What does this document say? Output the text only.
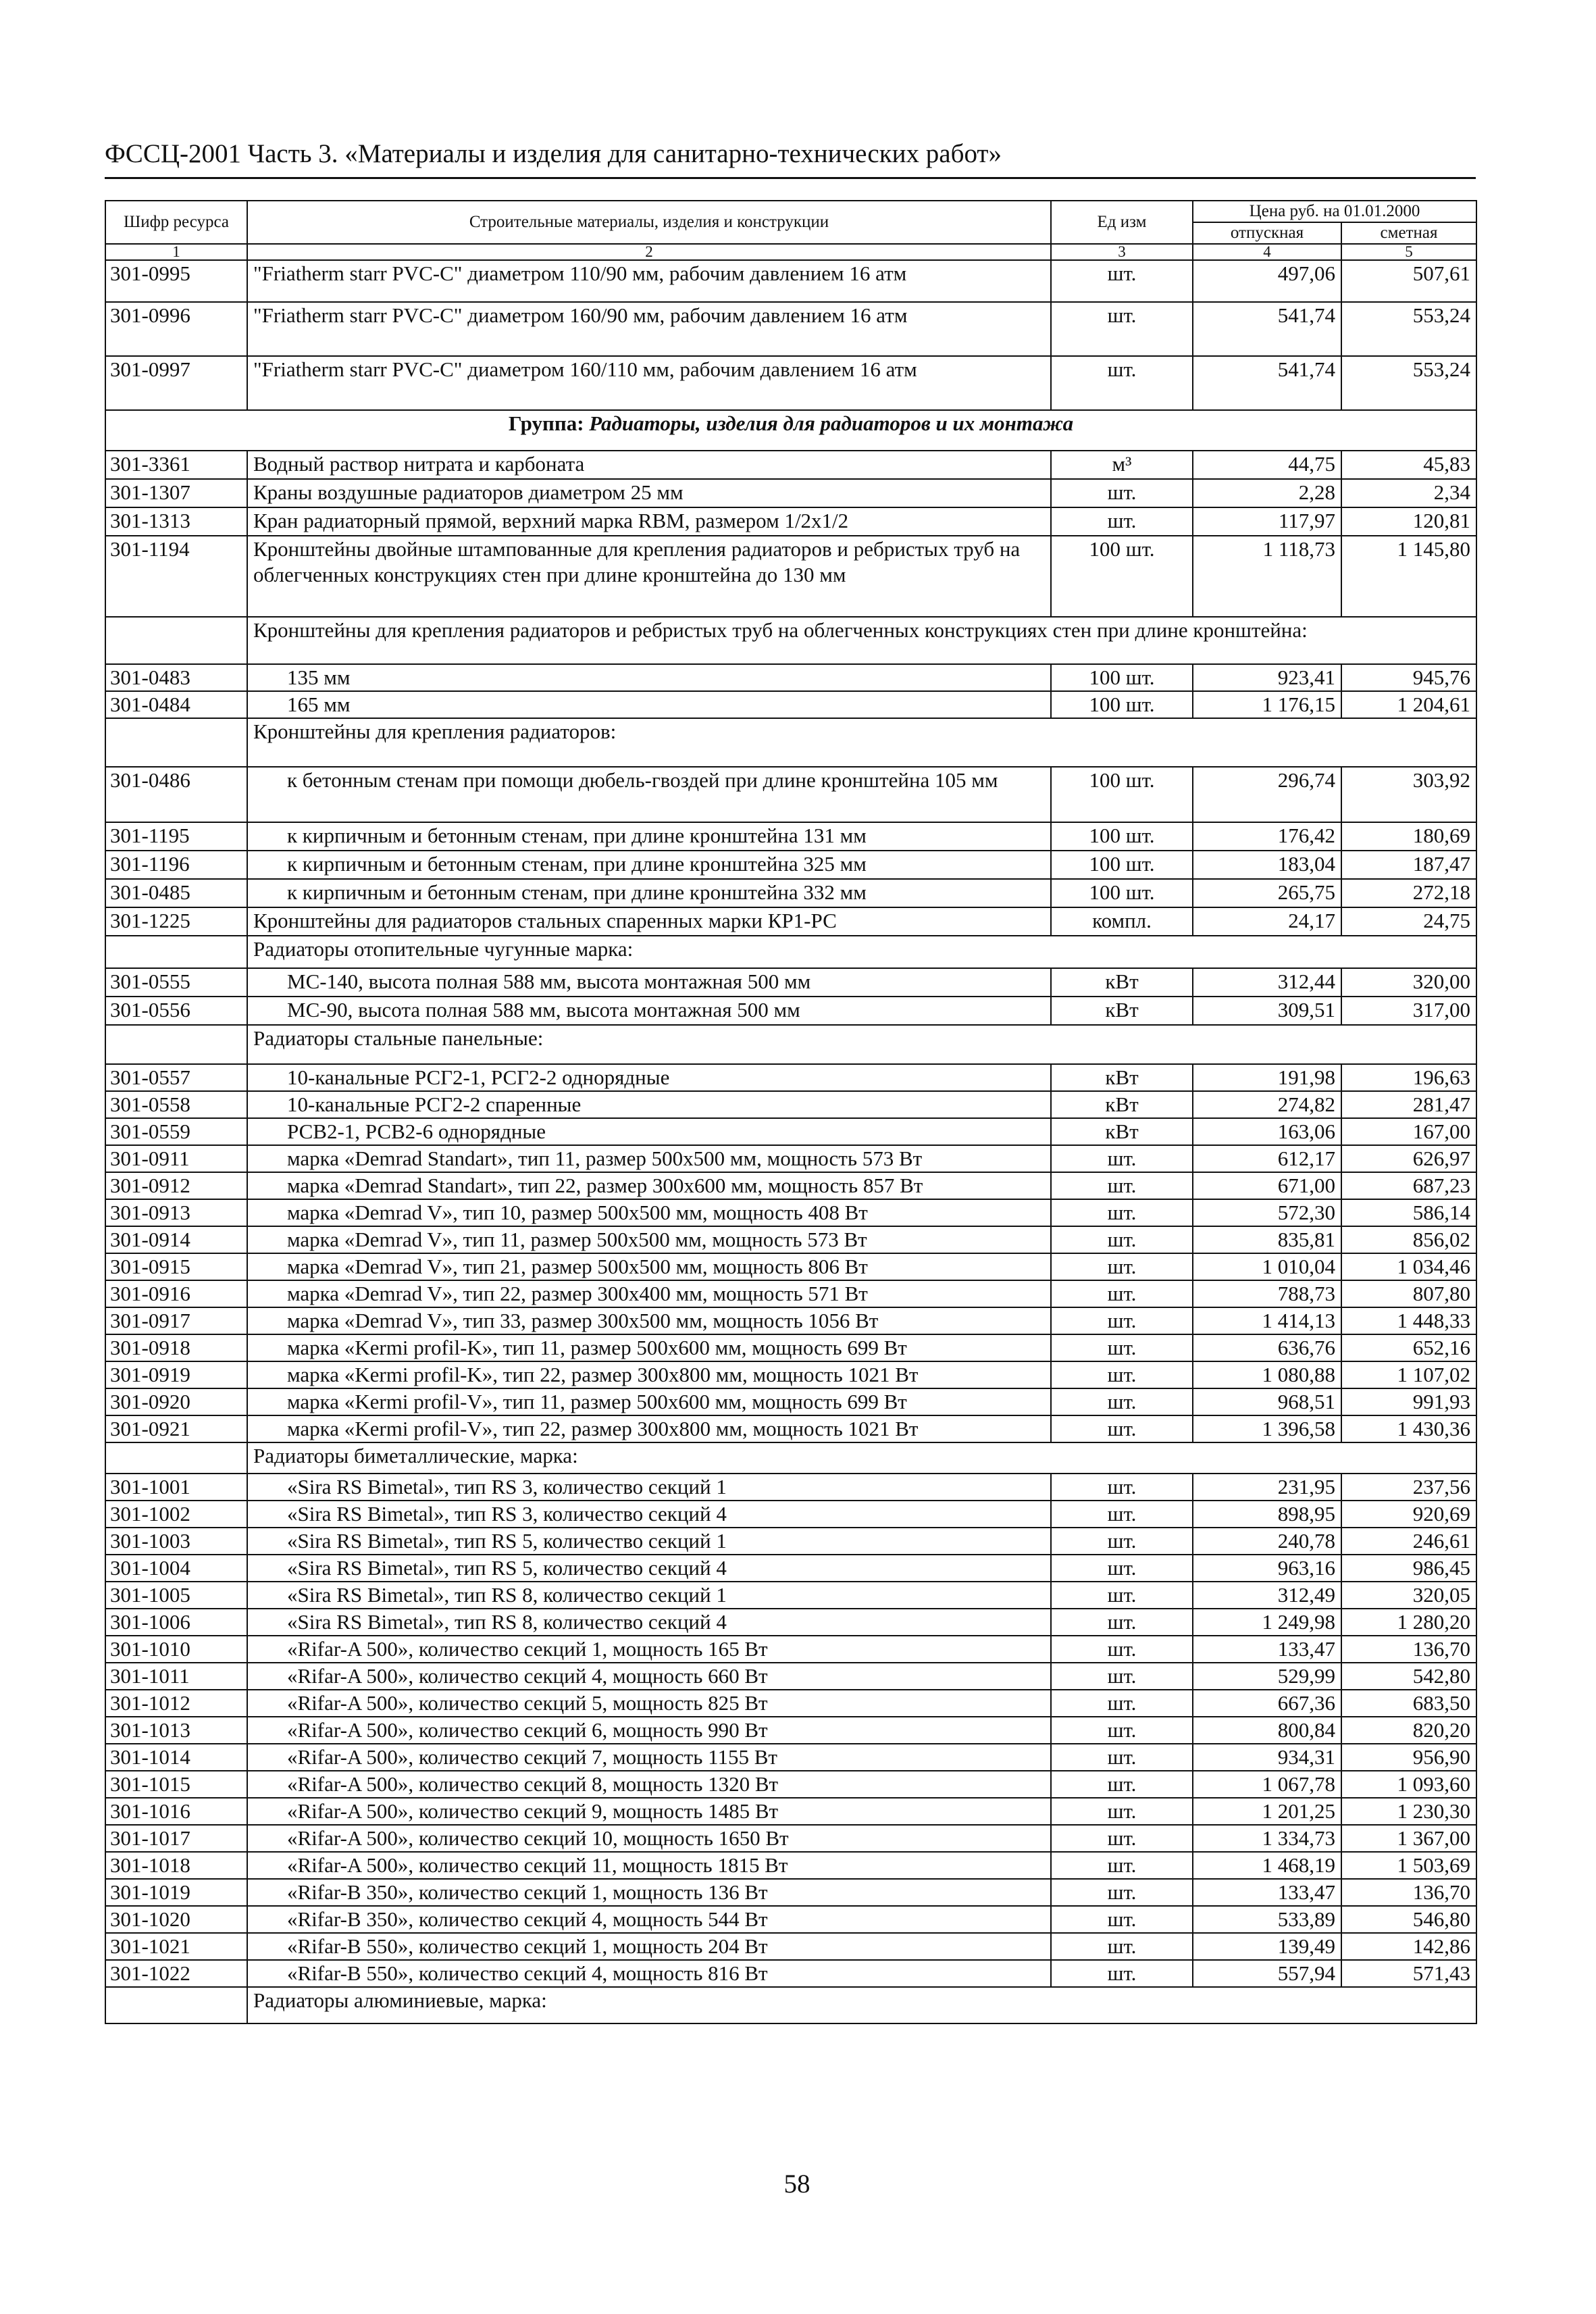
ФССЦ-2001 Часть 3. «Материалы и изделия для санитарно-технических работ»
Шифр ресурса	Строительные материалы, изделия и конструкции	Ед изм	Цена руб. на 01.01.2000	
			отпускная	сметная
1	2	3	4	5
301-0995	"Friatherm starr PVC-C" диаметром 110/90 мм, рабочим давлением 16 атм	шт.	497,06	507,61
301-0996	"Friatherm starr PVC-C" диаметром 160/90 мм, рабочим давлением 16 атм	шт.	541,74	553,24
301-0997	"Friatherm starr PVC-C" диаметром 160/110 мм, рабочим давлением 16 атм	шт.	541,74	553,24
Группа: Радиаторы, изделия для радиаторов и их монтажа				
301-3361	Водный раствор нитрата и карбоната	м³	44,75	45,83
301-1307	Краны воздушные радиаторов диаметром 25 мм	шт.	2,28	2,34
301-1313	Кран радиаторный прямой, верхний марка RBM, размером 1/2x1/2	шт.	117,97	120,81
301-1194	Кронштейны двойные штампованные для крепления радиаторов и ребристых труб на облегченных конструкциях стен при длине кронштейна до 130 мм	100 шт.	1 118,73	1 145,80
	Кронштейны для крепления радиаторов и ребристых труб на облегченных конструкциях стен при длине кронштейна:			
301-0483	135 мм	100 шт.	923,41	945,76
301-0484	165 мм	100 шт.	1 176,15	1 204,61
	Кронштейны для крепления радиаторов:			
301-0486	к бетонным стенам при помощи дюбель-гвоздей при длине кронштейна 105 мм	100 шт.	296,74	303,92
301-1195	к кирпичным и бетонным стенам, при длине кронштейна 131 мм	100 шт.	176,42	180,69
301-1196	к кирпичным и бетонным стенам, при длине кронштейна 325 мм	100 шт.	183,04	187,47
301-0485	к кирпичным и бетонным стенам, при длине кронштейна 332 мм	100 шт.	265,75	272,18
301-1225	Кронштейны для радиаторов стальных спаренных марки КР1-РС	компл.	24,17	24,75
	Радиаторы отопительные чугунные марка:			
301-0555	МС-140, высота полная 588 мм, высота монтажная 500 мм	кВт	312,44	320,00
301-0556	МС-90, высота полная 588 мм, высота монтажная 500 мм	кВт	309,51	317,00
	Радиаторы стальные панельные:			
301-0557	10-канальные РСГ2-1, РСГ2-2 однорядные	кВт	191,98	196,63
301-0558	10-канальные РСГ2-2 спаренные	кВт	274,82	281,47
301-0559	РСВ2-1, РСВ2-6 однорядные	кВт	163,06	167,00
301-0911	марка «Demrad Standart», тип 11, размер 500x500 мм, мощность 573 Вт	шт.	612,17	626,97
301-0912	марка «Demrad Standart», тип 22, размер 300x600 мм, мощность 857 Вт	шт.	671,00	687,23
301-0913	марка «Demrad V», тип 10, размер 500x500 мм, мощность 408 Вт	шт.	572,30	586,14
301-0914	марка «Demrad V», тип 11, размер 500x500 мм, мощность 573 Вт	шт.	835,81	856,02
301-0915	марка «Demrad V», тип 21, размер 500x500 мм, мощность 806 Вт	шт.	1 010,04	1 034,46
301-0916	марка «Demrad V», тип 22, размер 300x400 мм, мощность 571 Вт	шт.	788,73	807,80
301-0917	марка «Demrad V», тип 33, размер 300x500 мм, мощность 1056 Вт	шт.	1 414,13	1 448,33
301-0918	марка «Kermi profil-K», тип 11, размер 500x600 мм, мощность 699 Вт	шт.	636,76	652,16
301-0919	марка «Kermi profil-K», тип 22, размер 300x800 мм, мощность 1021 Вт	шт.	1 080,88	1 107,02
301-0920	марка «Kermi profil-V», тип 11, размер 500x600 мм, мощность 699 Вт	шт.	968,51	991,93
301-0921	марка «Kermi profil-V», тип 22, размер 300x800 мм, мощность 1021 Вт	шт.	1 396,58	1 430,36
	Радиаторы биметаллические, марка:			
301-1001	«Sira RS Bimetal», тип RS 3, количество секций 1	шт.	231,95	237,56
301-1002	«Sira RS Bimetal», тип RS 3, количество секций 4	шт.	898,95	920,69
301-1003	«Sira RS Bimetal», тип RS 5, количество секций 1	шт.	240,78	246,61
301-1004	«Sira RS Bimetal», тип RS 5, количество секций 4	шт.	963,16	986,45
301-1005	«Sira RS Bimetal», тип RS 8, количество секций 1	шт.	312,49	320,05
301-1006	«Sira RS Bimetal», тип RS 8, количество секций 4	шт.	1 249,98	1 280,20
301-1010	«Rifar-A 500», количество секций 1, мощность 165 Вт	шт.	133,47	136,70
301-1011	«Rifar-A 500», количество секций 4, мощность 660 Вт	шт.	529,99	542,80
301-1012	«Rifar-A 500», количество секций 5, мощность 825 Вт	шт.	667,36	683,50
301-1013	«Rifar-A 500», количество секций 6, мощность 990 Вт	шт.	800,84	820,20
301-1014	«Rifar-A 500», количество секций 7, мощность 1155 Вт	шт.	934,31	956,90
301-1015	«Rifar-A 500», количество секций 8, мощность 1320 Вт	шт.	1 067,78	1 093,60
301-1016	«Rifar-A 500», количество секций 9, мощность 1485 Вт	шт.	1 201,25	1 230,30
301-1017	«Rifar-A 500», количество секций 10, мощность 1650 Вт	шт.	1 334,73	1 367,00
301-1018	«Rifar-A 500», количество секций 11, мощность 1815 Вт	шт.	1 468,19	1 503,69
301-1019	«Rifar-B 350», количество секций 1, мощность 136 Вт	шт.	133,47	136,70
301-1020	«Rifar-B 350», количество секций 4, мощность 544 Вт	шт.	533,89	546,80
301-1021	«Rifar-B 550», количество секций 1, мощность 204 Вт	шт.	139,49	142,86
301-1022	«Rifar-B 550», количество секций 4, мощность 816 Вт	шт.	557,94	571,43
	Радиаторы алюминиевые, марка:			
58
